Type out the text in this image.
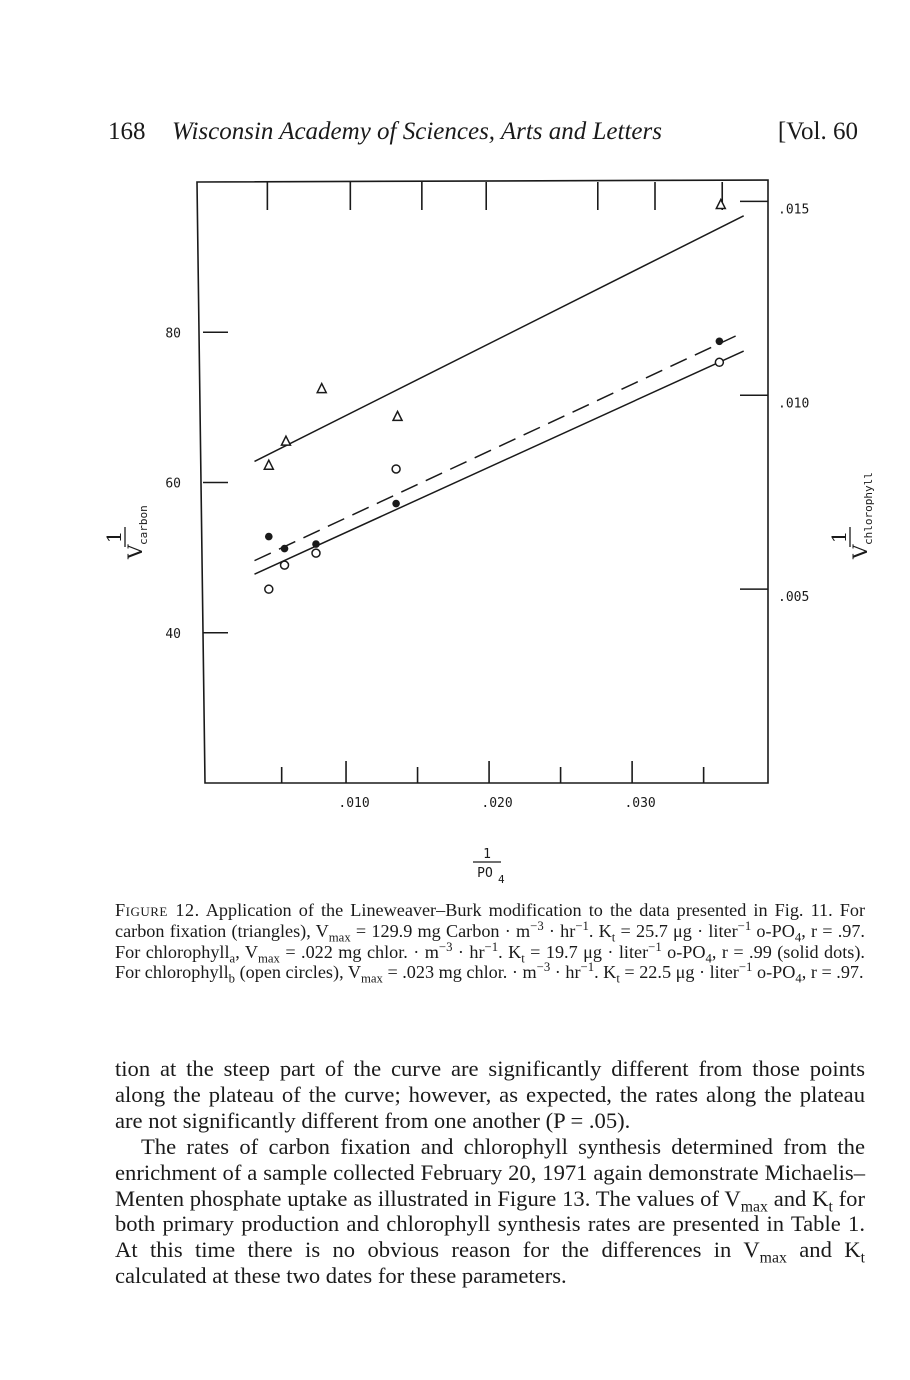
168 Wisconsin Academy of Sciences, Arts and Letters	[Vol. 60
40
60
80
.005
.010
.015
.010	.020	.030
1
V
carbon	1
V
chlorophyll
1
PO 4
Figure 12. Application of the Lineweaver–Burk modification to the data presented in Fig. 11. For carbon fixation (triangles), $V_{max} = 129.9$ mg Carbon · $m^{-3} \cdot hr^{-1}$. $K_t = 25.7$ μg · liter$^{-1}$ $o-PO_4$, r = .97. For chlorophyll$_a$, $V_{max} = .022$ mg chlor. · $m^{-3} \cdot hr^{-1}$. $K_t = 19.7$ μg · liter$^{-1}$ $o-PO_4$, r = .99 (solid dots). For chlorophyll$_b$ (open circles), $V_{max} = .023$ mg chlor. · $m^{-3} \cdot hr^{-1}$. $K_t = 22.5$ μg · liter$^{-1}$ $o-PO_4$, r = .97.

tion at the steep part of the curve are significantly different from those points along the plateau of the curve; however, as expected, the rates along the plateau are not significantly different from one another (P = .05).

The rates of carbon fixation and chlorophyll synthesis determined from the enrichment of a sample collected February 20, 1971 again demonstrate Michaelis–Menten phosphate uptake as illustrated in Figure 13. The values of $V_{max}$ and $K_t$ for both primary production and chlorophyll synthesis rates are presented in Table 1. At this time there is no obvious reason for the differences in $V_{max}$ and $K_t$ calculated at these two dates for these parameters.
